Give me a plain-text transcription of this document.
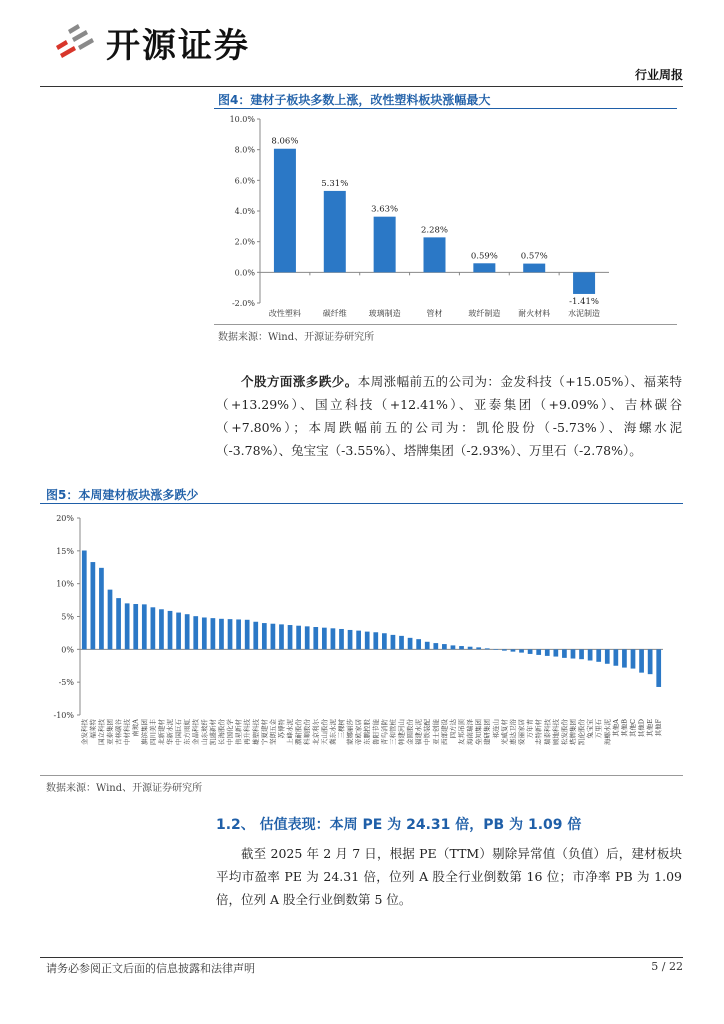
开源证券
行业周报
图4：建材子板块多数上涨，改性塑料板块涨幅最大
-2.0%
0.0%
2.0%
4.0%
6.0%
8.0%
10.0%
8.06%
改性塑料
5.31%
碳纤维
3.63%
玻璃制造
2.28%
管材
0.59%
玻纤制造
0.57%
耐火材料
-1.41%
水泥制造
数据来源：Wind、开源证券研究所
个股方面涨多跌少。本周涨幅前五的公司为：金发科技（+15.05%）、福莱特（+13.29%）、国立科技（+12.41%）、亚泰集团（+9.09%）、吉林碳谷（+7.80%）；本周跌幅前五的公司为：凯伦股份（-5.73%）、海螺水泥（-3.78%）、兔宝宝（-3.55%）、塔牌集团（-2.93%）、万里石（-2.78%）。
图5：本周建材板块涨多跌少
-10%
-5%
0%
5%
10%
15%
20%
金发科技 福莱特 国立科技 亚泰集团 吉林碳谷 中材科技 南玻A 旗滨集团 四川美丰 北新建材 华新水泥 中国巨石 东方雨虹 金晶科技 山东玻纤 凯盛新材 长海股份 中国化学 伟星新材 再升科技 雄塑科技 宁夏建材 坚朗五金 苏博特 上峰水泥 濮耐股份 科顺股份 北京利尔 天山股份 冀东水泥 三棵树 蒙娜丽莎 帝欧家居 东鹏控股 鲁阳节能 青鸟消防 三和管桩 韩建河山 金圆股份 福建水泥 中铁装配 亚士创能 西部建设 四方达 友邦吊顶 海南瑞泽 垒知集团 建研集团 祁连山 光威复材 惠达卫浴 爱丽家居 万年青 志特新材 瑞泰科技 顾地科技 松发股份 塔牌集团 凯伦股份 兔宝宝 万里石 海螺水泥 其他A 其他B 其他C 其他D 其他E 其他F
数据来源：Wind、开源证券研究所
1.2、 估值表现：本周 PE 为 24.31 倍，PB 为 1.09 倍
截至 2025 年 2 月 7 日，根据 PE（TTM）剔除异常值（负值）后，建材板块平均市盈率 PE 为 24.31 倍，位列 A 股全行业倒数第 16 位；市净率 PB 为 1.09 倍，位列 A 股全行业倒数第 5 位。
请务必参阅正文后面的信息披露和法律声明	5 / 22
